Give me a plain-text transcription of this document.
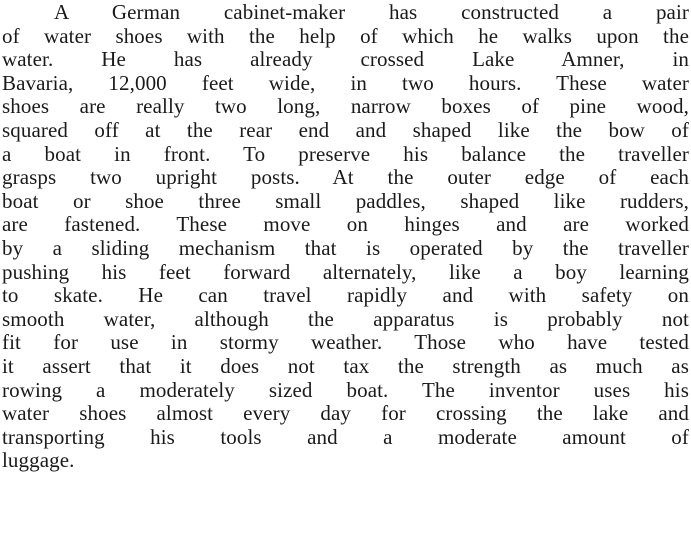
A German cabinet-maker has constructed a pair
of water shoes with the help of which he walks upon the
water. He has already crossed Lake Amner, in
Bavaria, 12,000 feet wide, in two hours. These water
shoes are really two long, narrow boxes of pine wood,
squared off at the rear end and shaped like the bow of
a boat in front. To preserve his balance the traveller
grasps two upright posts. At the outer edge of each
boat or shoe three small paddles, shaped like rudders,
are fastened. These move on hinges and are worked
by a sliding mechanism that is operated by the traveller
pushing his feet forward alternately, like a boy learning
to skate. He can travel rapidly and with safety on
smooth water, although the apparatus is probably not
fit for use in stormy weather. Those who have tested
it assert that it does not tax the strength as much as
rowing a moderately sized boat. The inventor uses his
water shoes almost every day for crossing the lake and
transporting his tools and a moderate amount of
luggage.
